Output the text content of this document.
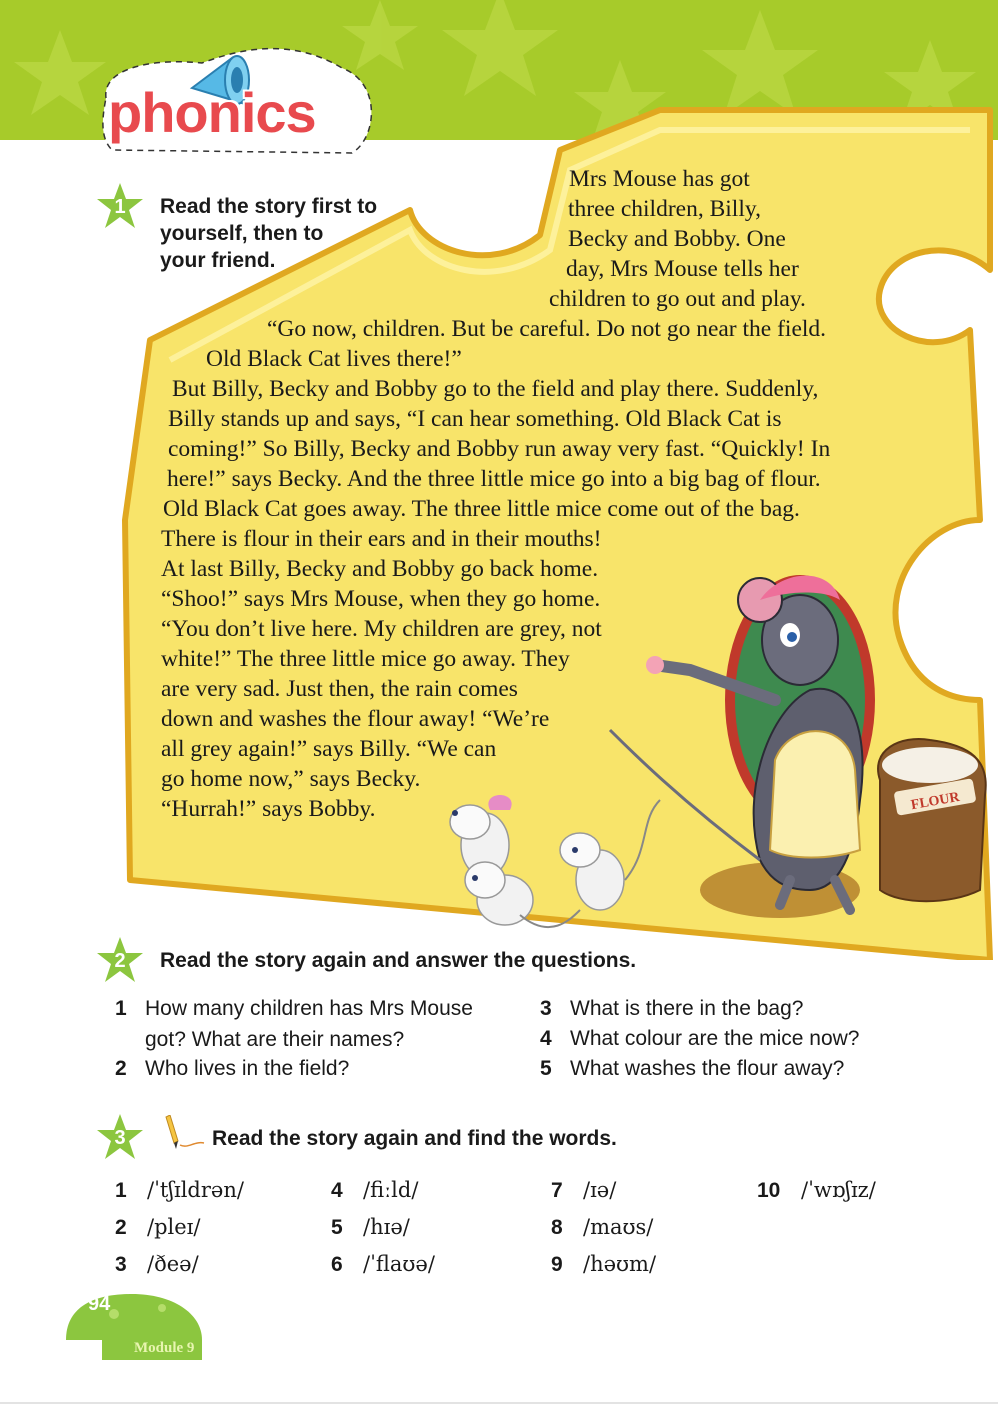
phonics
FLOUR
1	Read the story first to
yourself, then to
your friend.
Mrs Mouse has got
three children, Billy,
Becky and Bobby. One
day, Mrs Mouse tells her
children to go out and play.
“Go now, children. But be careful. Do not go near the field.
Old Black Cat lives there!”
But Billy, Becky and Bobby go to the field and play there. Suddenly,
Billy stands up and says, “I can hear something. Old Black Cat is
coming!” So Billy, Becky and Bobby run away very fast. “Quickly! In
here!” says Becky. And the three little mice go into a big bag of flour.
Old Black Cat goes away. The three little mice come out of the bag.
There is flour in their ears and in their mouths!
At last Billy, Becky and Bobby go back home.
“Shoo!” says Mrs Mouse, when they go home.
“You don’t live here. My children are grey, not
white!” The three little mice go away. They
are very sad. Just then, the rain comes
down and washes the flour away! “We’re
all grey again!” says Billy. “We can
go home now,” says Becky.
“Hurrah!” says Bobby.
2	Read the story again and answer the questions.
1 How many children has Mrs Mouse
got? What are their names?
2 Who lives in the field?
3 What is there in the bag?
4 What colour are the mice now?
5 What washes the flour away?
3	Read the story again and find the words.
1 /ˈtʃɪldrən/
2 /pleɪ/
3 /ðeə/
4 /fiːld/
5 /hɪə/
6 /ˈflaʊə/
7 /ɪə/
8 /maʊs/
9 /həʊm/
10 /ˈwɒʃɪz/
94
Module 9
